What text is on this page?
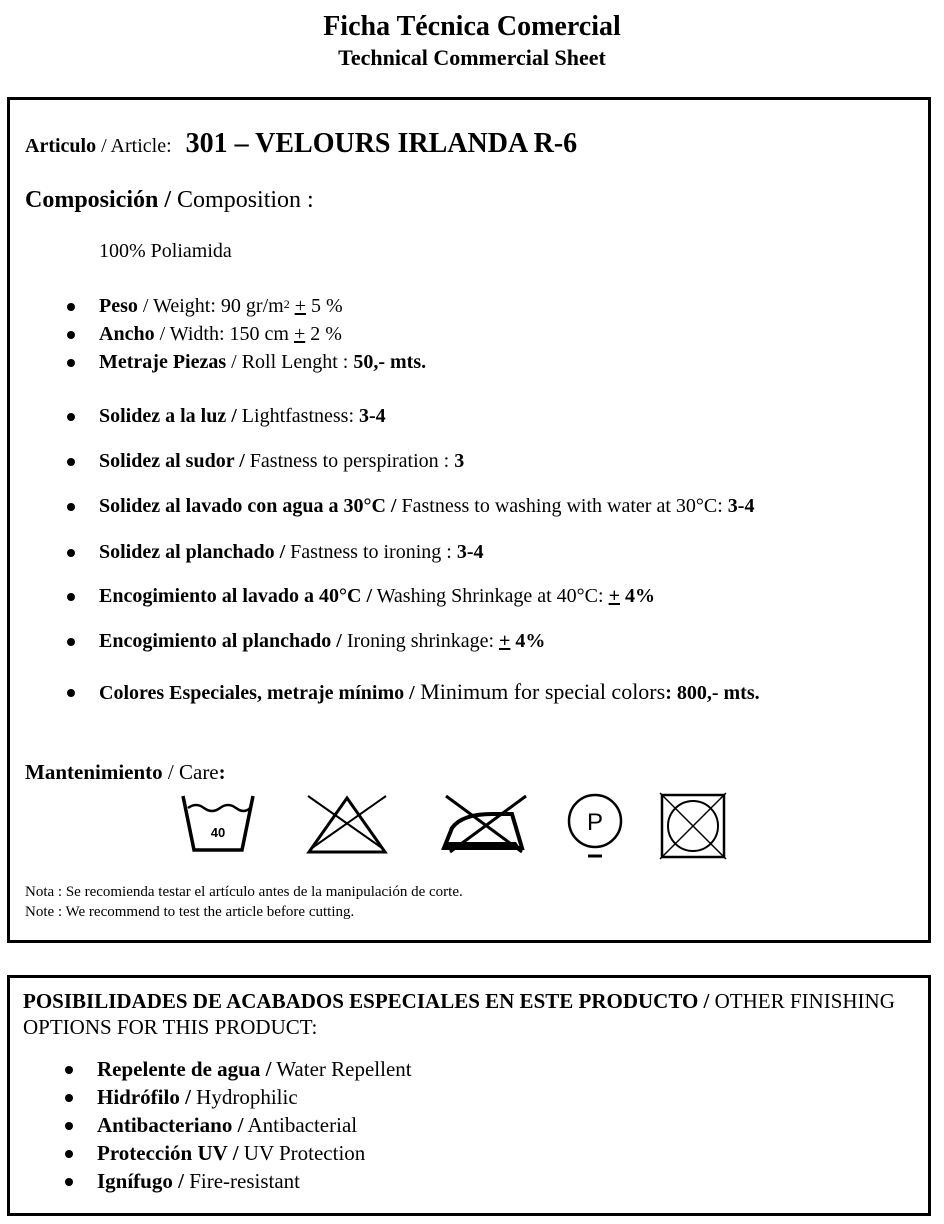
Ficha Técnica Comercial
Technical Commercial Sheet
Articulo / Article: 301 – VELOURS IRLANDA R-6
Composición / Composition :
100% Poliamida
Peso / Weight: 90 $gr/m^2 + 5$ %
Ancho / Width: 150 cm + 2 %
Metraje Piezas / Roll Lenght : 50,- mts.
Solidez a la luz / Lightfastness: 3-4
Solidez al sudor / Fastness to perspiration : 3
Solidez al lavado con agua a 30°C / Fastness to washing with water at 30°C: 3-4
Solidez al planchado / Fastness to ironing : 3-4
Encogimiento al lavado a 40°C / Washing Shrinkage at 40°C: + 4%
Encogimiento al planchado / Ironing shrinkage: + 4%
Colores Especiales, metraje mínimo / Minimum for special colors: 800,- mts.
Mantenimiento / Care:
40	P
Nota : Se recomienda testar el artículo antes de la manipulación de corte.
Note : We recommend to test the article before cutting.
POSIBILIDADES DE ACABADOS ESPECIALES EN ESTE PRODUCTO / OTHER FINISHING OPTIONS FOR THIS PRODUCT:
Repelente de agua / Water Repellent
Hidrófilo / Hydrophilic
Antibacteriano / Antibacterial
Protección UV / UV Protection
Ignífugo / Fire-resistant
